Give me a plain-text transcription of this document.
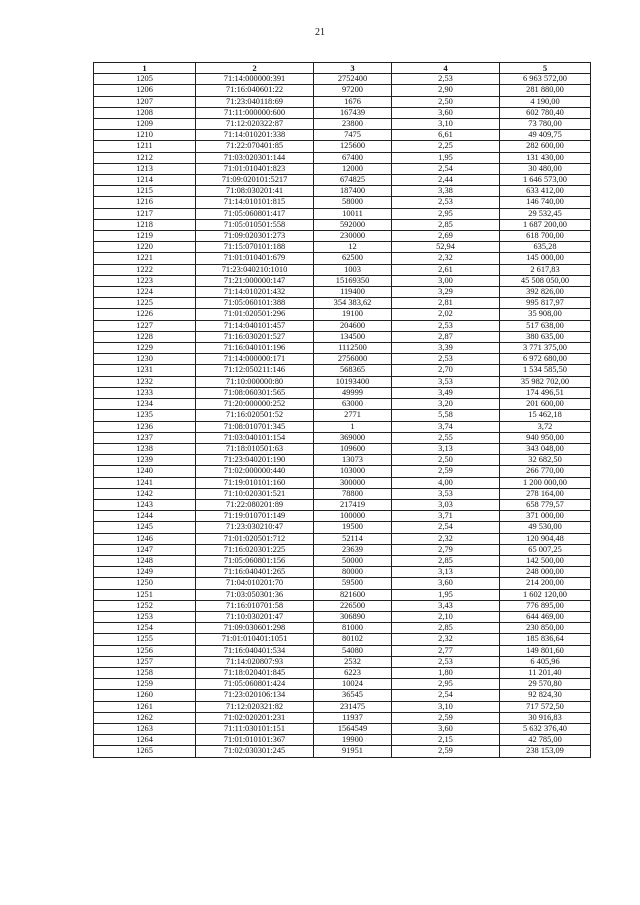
21
1	2	3	4	5
1205	71:14:000000:391	2752400	2,53	6 963 572,00
1206	71:16:040601:22	97200	2,90	281 880,00
1207	71:23:040118:69	1676	2,50	4 190,00
1208	71:11:000000:600	167439	3,60	602 780,40
1209	71:12:020322:87	23800	3,10	73 780,00
1210	71:14:010201:338	7475	6,61	49 409,75
1211	71:22:070401:85	125600	2,25	282 600,00
1212	71:03:020301:144	67400	1,95	131 430,00
1213	71:01:010401:823	12000	2,54	30 480,00
1214	71:09:020101:5217	674825	2,44	1 646 573,00
1215	71:08:030201:41	187400	3,38	633 412,00
1216	71:14:010101:815	58000	2,53	146 740,00
1217	71:05:060801:417	10011	2,95	29 532,45
1218	71:05:010501:558	592000	2,85	1 687 200,00
1219	71:09:020301:273	230000	2,69	618 700,00
1220	71:15:070101:188	12	52,94	635,28
1221	71:01:010401:679	62500	2,32	145 000,00
1222	71:23:040210:1010	1003	2,61	2 617,83
1223	71:21:000000:147	15169350	3,00	45 508 050,00
1224	71:14:010201:432	119400	3,29	392 826,00
1225	71:05:060101:388	354 383,62	2,81	995 817,97
1226	71:01:020501:296	19100	2,02	35 908,00
1227	71:14:040101:457	204600	2,53	517 638,00
1228	71:16:030201:527	134500	2,87	380 635,00
1229	71:16:040101:196	1112500	3,39	3 771 375,00
1230	71:14:000000:171	2756000	2,53	6 972 680,00
1231	71:12:050211:146	568365	2,70	1 534 585,50
1232	71:10:000000:80	10193400	3,53	35 982 702,00
1233	71:08:060301:565	49999	3,49	174 496,51
1234	71:20:000000:252	63000	3,20	201 600,00
1235	71:16:020501:52	2771	5,58	15 462,18
1236	71:08:010701:345	1	3,74	3,72
1237	71:03:040101:154	369000	2,55	940 950,00
1238	71:18:010501:63	109600	3,13	343 048,00
1239	71:23:040201:190	13073	2,50	32 682,50
1240	71:02:000000:440	103000	2,59	266 770,00
1241	71:19:010101:160	300000	4,00	1 200 000,00
1242	71:10:020301:521	78800	3,53	278 164,00
1243	71:22:080201:89	217419	3,03	658 779,57
1244	71:19:010701:149	100000	3,71	371 000,00
1245	71:23:030210:47	19500	2,54	49 530,00
1246	71:01:020501:712	52114	2,32	120 904,48
1247	71:16:020301:225	23639	2,79	65 007,25
1248	71:05:060801:156	50000	2,85	142 500,00
1249	71:16:040401:265	80000	3,13	248 000,00
1250	71:04:010201:70	59500	3,60	214 200,00
1251	71:03:050301:36	821600	1,95	1 602 120,00
1252	71:16:010701:58	226500	3,43	776 895,00
1253	71:10:030201:47	306890	2,10	644 469,00
1254	71:09:030601:298	81000	2,85	230 850,00
1255	71:01:010401:1051	80102	2,32	185 836,64
1256	71:16:040401:534	54080	2,77	149 801,60
1257	71:14:020807:93	2532	2,53	6 405,96
1258	71:18:020401:845	6223	1,80	11 201,40
1259	71:05:060801:424	10024	2,95	29 570,80
1260	71:23:020106:134	36545	2,54	92 824,30
1261	71:12:020321:82	231475	3,10	717 572,50
1262	71:02:020201:231	11937	2,59	30 916,83
1263	71:11:030101:151	1564549	3,60	5 632 376,40
1264	71:01:010101:367	19900	2,15	42 785,00
1265	71:02:030301:245	91951	2,59	238 153,09
